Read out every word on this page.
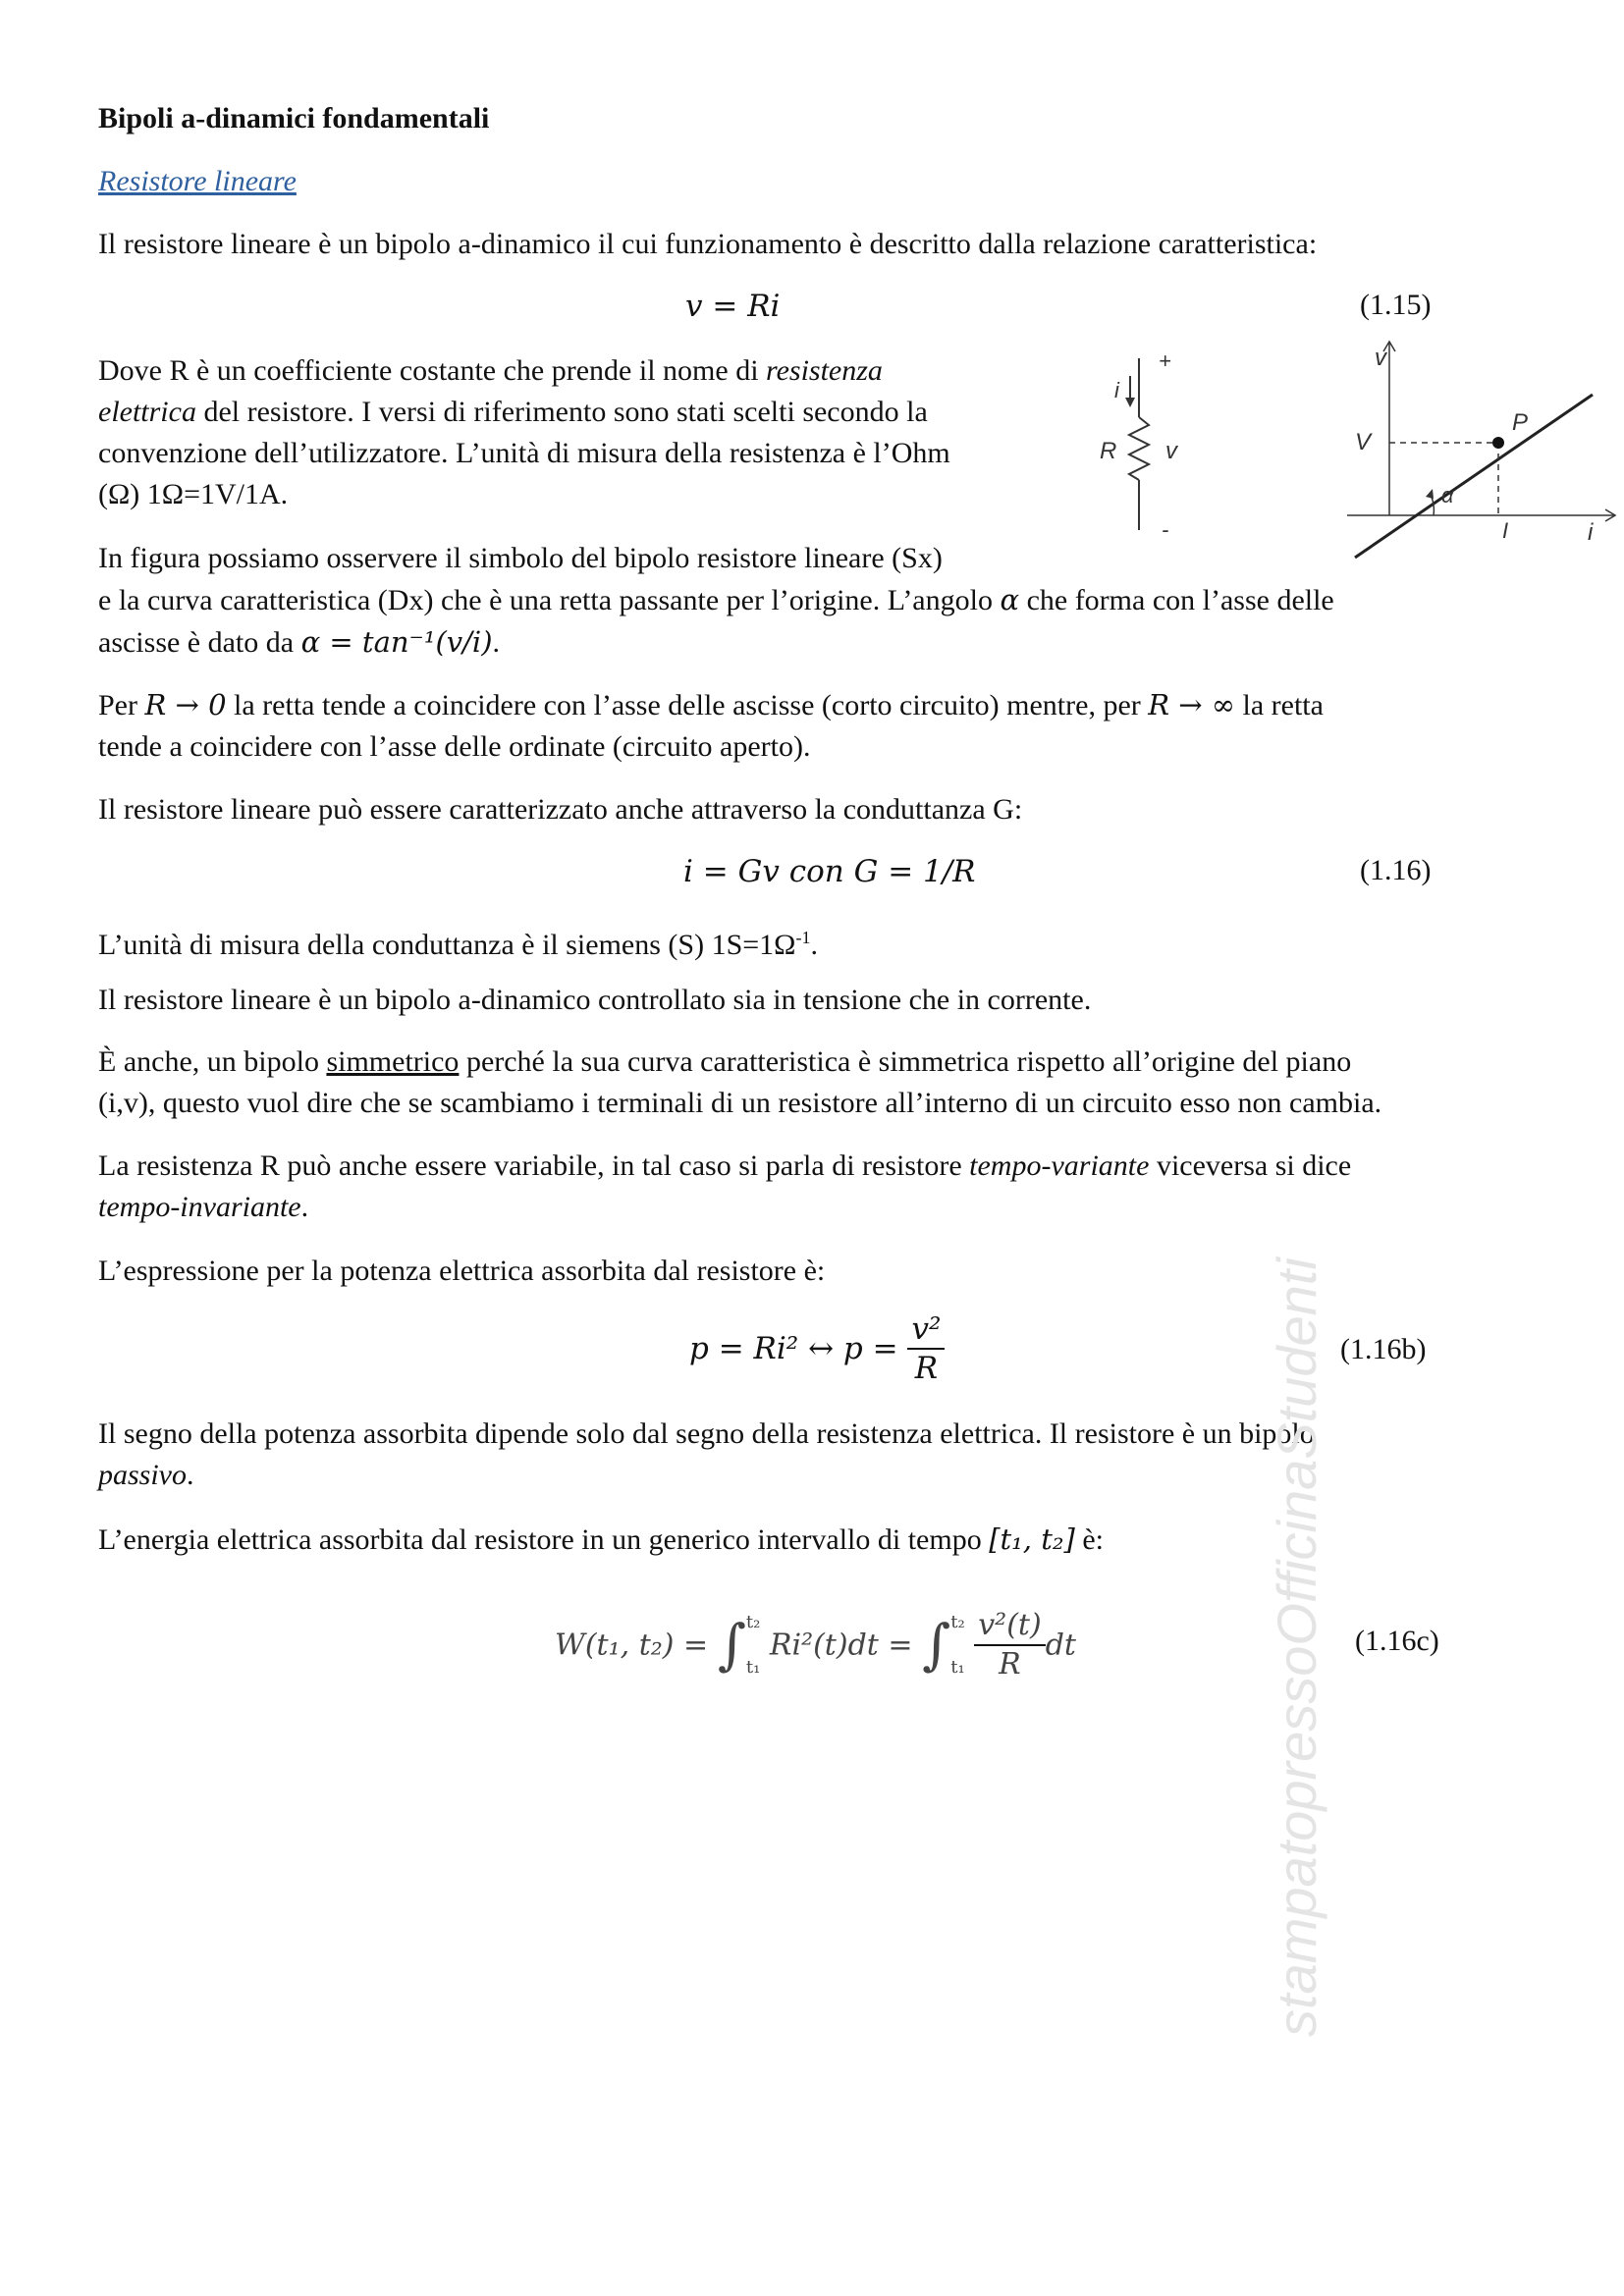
Bipoli a-dinamici fondamentali

Resistore lineare

Il resistore lineare è un bipolo a-dinamico il cui funzionamento è descritto dalla relazione caratteristica:

v = Ri	(1.15)

Dove R è un coefficiente costante che prende il nome di resistenza
elettrica del resistore. I versi di riferimento sono stati scelti secondo la
convenzione dell’utilizzatore. L’unità di misura della resistenza è l’Ohm
(Ω) 1Ω=1V/1A.

+
-
i
R v
v
i
V
P
I
α

In figura possiamo osservere il simbolo del bipolo resistore lineare (Sx)
e la curva caratteristica (Dx) che è una retta passante per l’origine. L’angolo α che forma con l’asse delle
ascisse è dato da α = tan⁻¹(v/i).

Per R → 0 la retta tende a coincidere con l’asse delle ascisse (corto circuito) mentre, per R → ∞ la retta
tende a coincidere con l’asse delle ordinate (circuito aperto).

Il resistore lineare può essere caratterizzato anche attraverso la conduttanza G:

i = Gv con G = 1/R	(1.16)

L’unità di misura della conduttanza è il siemens (S) $1S=1\Omega^{-1}$.

Il resistore lineare è un bipolo a-dinamico controllato sia in tensione che in corrente.

È anche, un bipolo simmetrico perché la sua curva caratteristica è simmetrica rispetto all’origine del piano
(i,v), questo vuol dire che se scambiamo i terminali di un resistore all’interno di un circuito esso non cambia.

La resistenza R può anche essere variabile, in tal caso si parla di resistore tempo-variante viceversa si dice
tempo-invariante.

L’espressione per la potenza elettrica assorbita dal resistore è:

p = Ri² ↔ $p = \frac{\text{v²}}{R}$	(1.16b)

Il segno della potenza assorbita dipende solo dal segno della resistenza elettrica. Il resistore è un bipolo
passivo.

L’energia elettrica assorbita dal resistore in un generico intervallo di tempo [t₁, t₂] è:

W(t₁, t₂) = ∫ t₂
t₁
Ri²(t)dt = ∫ t₂
t₁
$\frac{\text{v²(t)}}{R}$ dt	(1.16c)
stampatopressoOfficinaStudenti
